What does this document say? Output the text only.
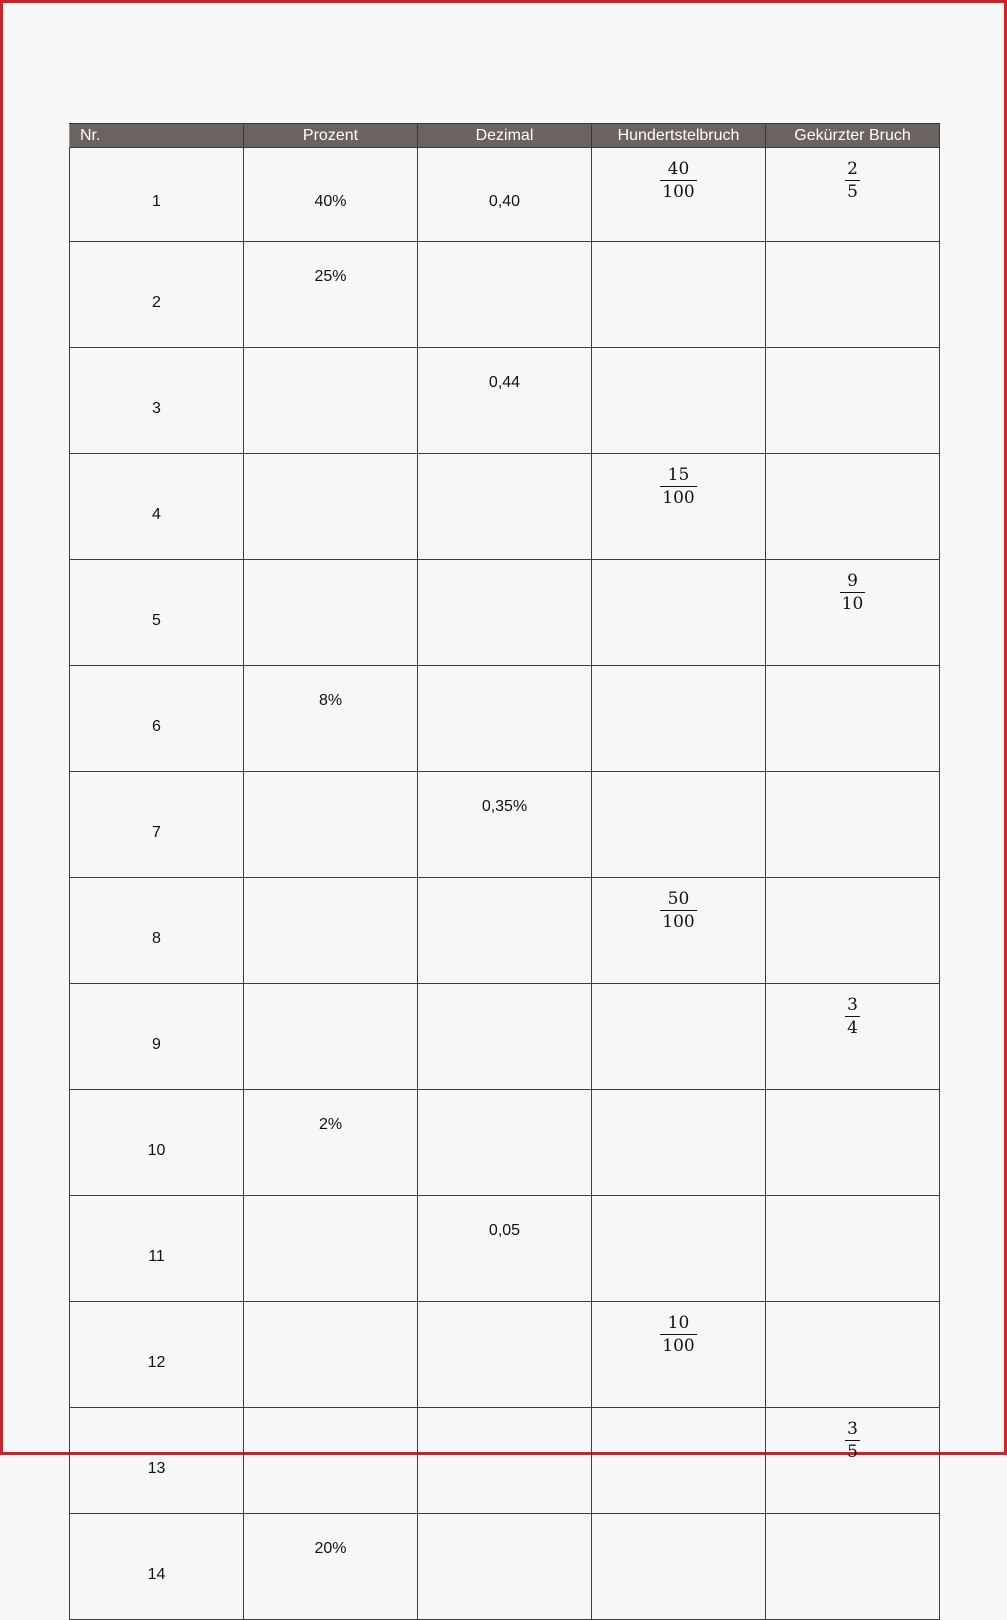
Nr.	Prozent	Dezimal	Hundertstelbruch	Gekürzter Bruch
1	40%	0,40	$\frac{40}{100}$	$\frac{2}{5}$

2	25%			
3		0,44		
4			$\frac{15}{100}$

5				$\frac{9}{10}$

6	8%			
7		0,35%		
8			$\frac{50}{100}$

9				$\frac{3}{4}$

10	2%			
11		0,05		
12			$\frac{10}{100}$

13				$\frac{3}{5}$

14	20%			
